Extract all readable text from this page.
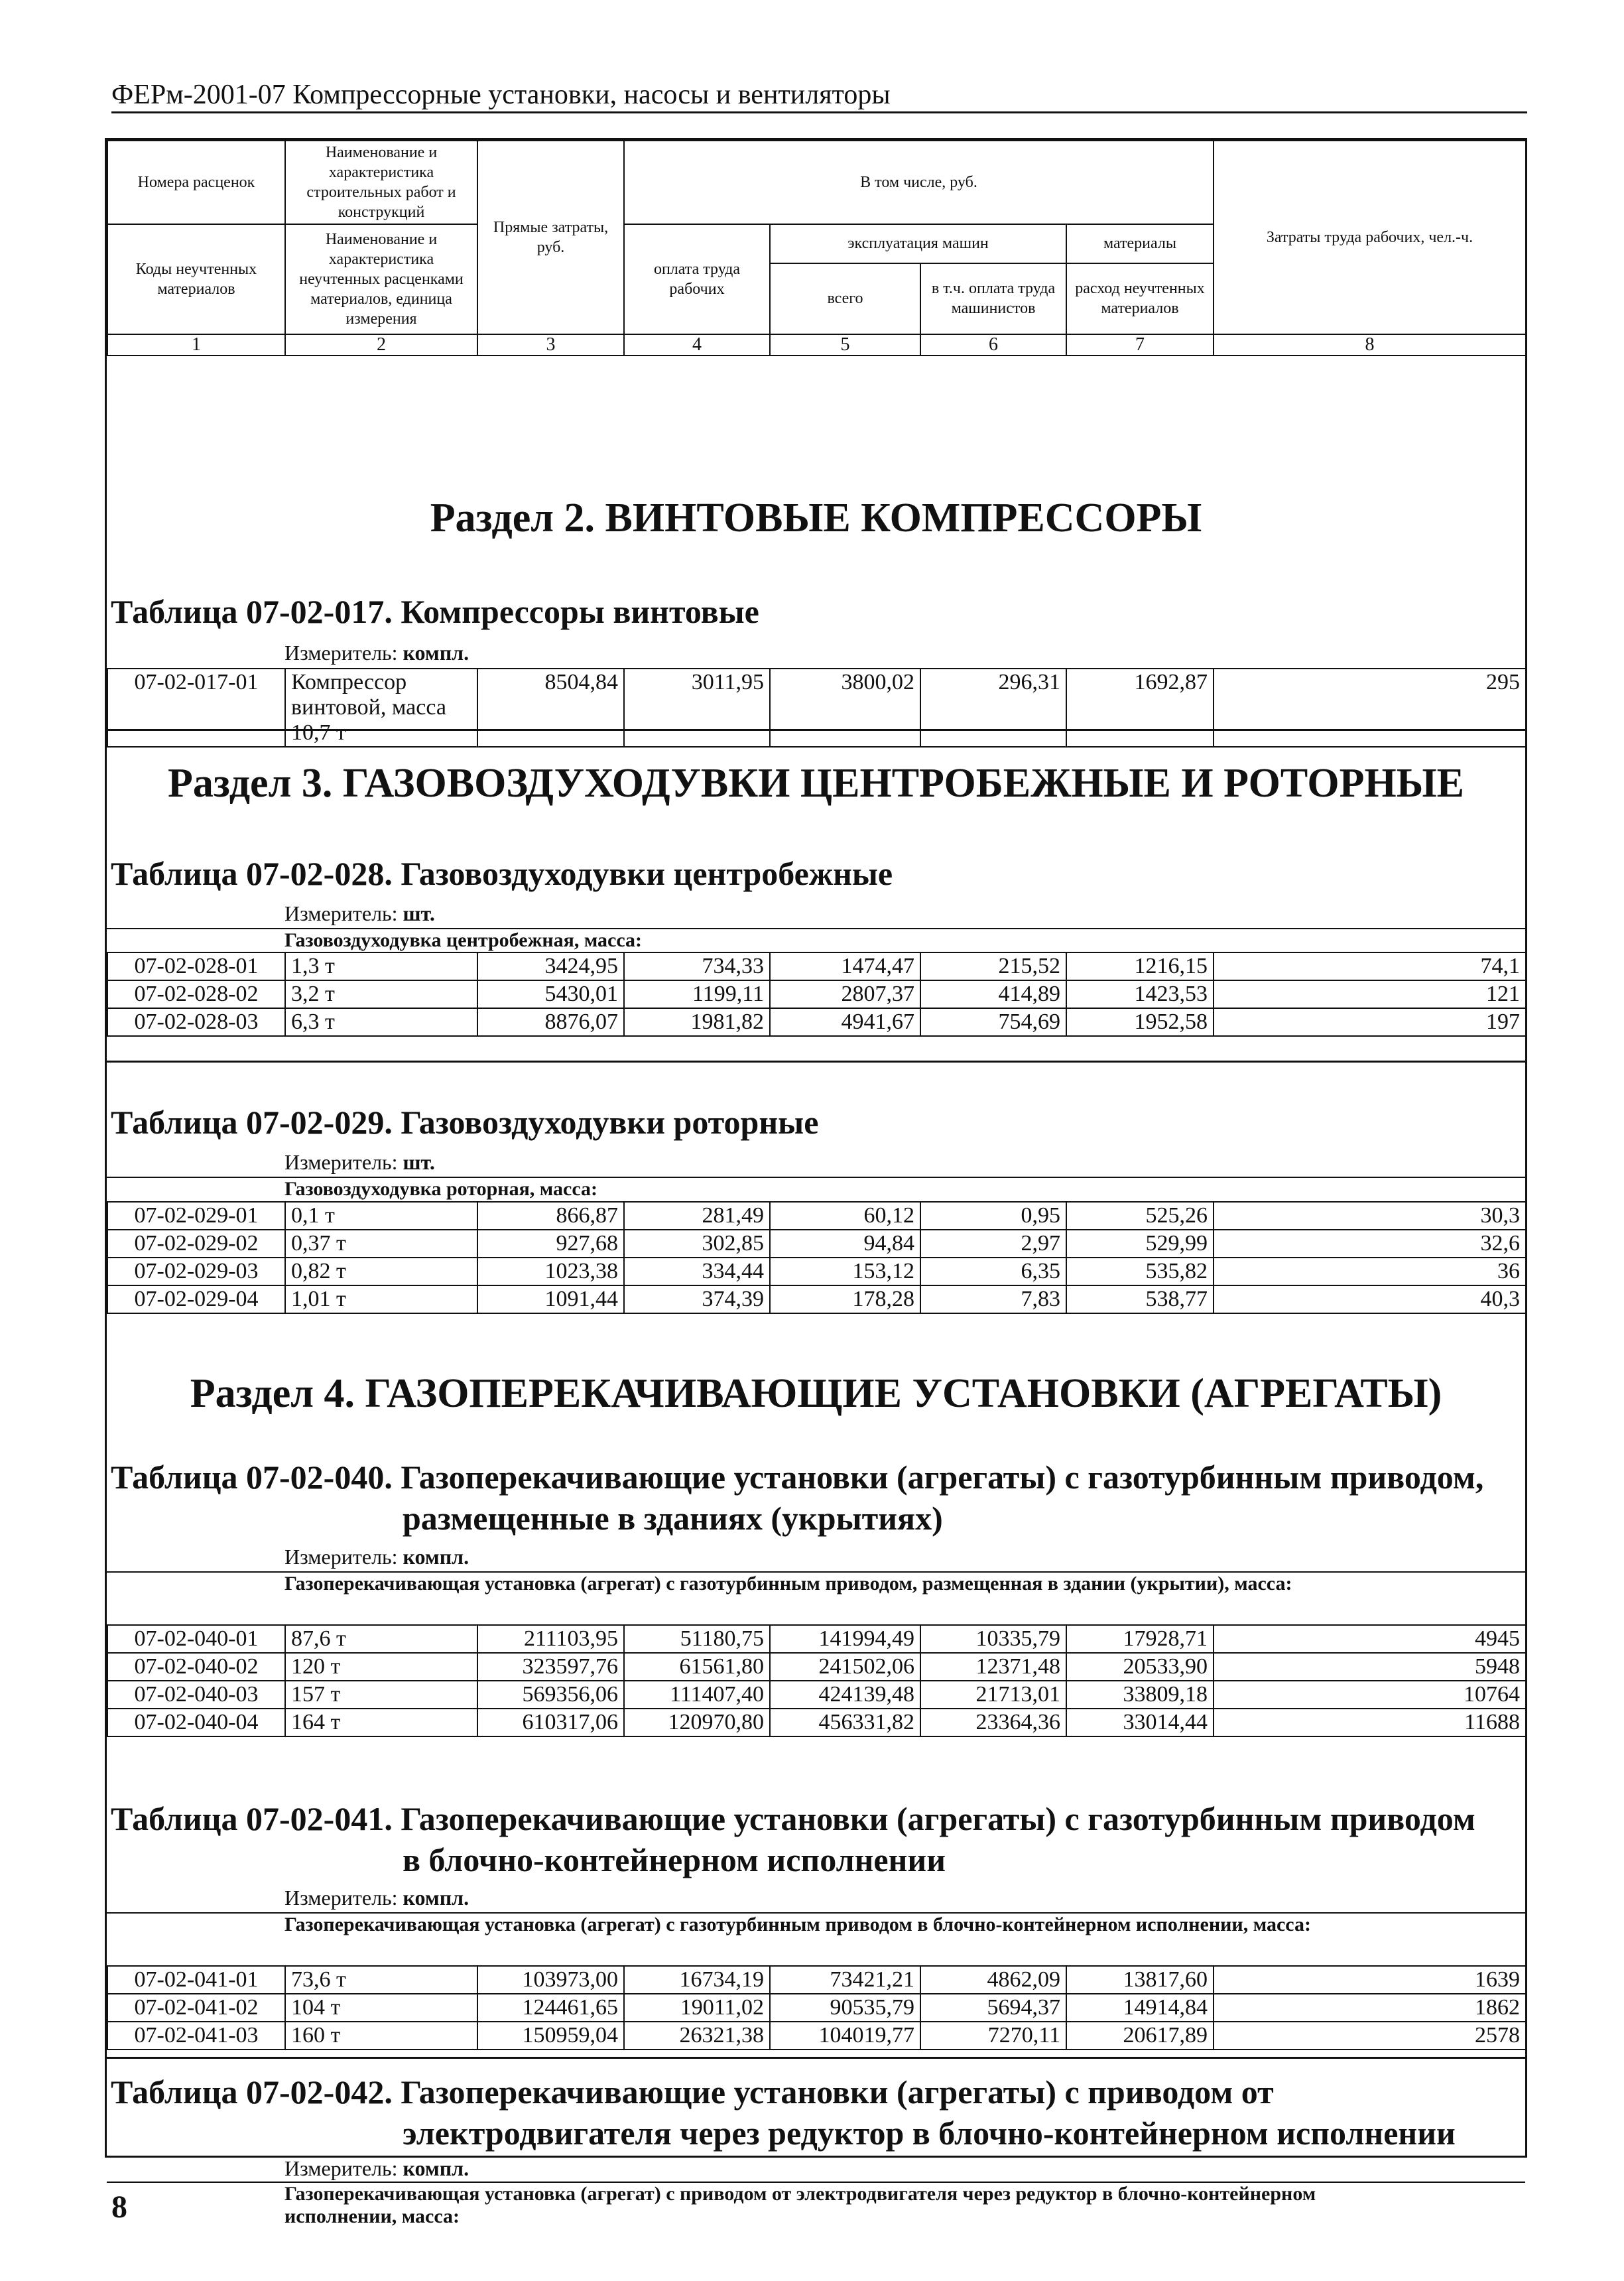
ФЕРм-2001-07 Компрессорные установки, насосы и вентиляторы
Номера расценок	Наименование и характеристика строительных работ и конструкций	Прямые затраты, руб.	В том числе, руб.				Затраты труда рабочих, чел.-ч.
Коды неучтенных материалов	Наименование и характеристика неучтенных расценками материалов, единица измерения		оплата труда рабочих	эксплуатация машин		материалы	
				всего	в т.ч. оплата труда машинистов	расход неучтенных материалов	
1	2	3	4	5	6	7	8
Раздел 2. ВИНТОВЫЕ КОМПРЕССОРЫ
Таблица 07-02-017. Компрессоры винтовые
Измеритель: компл.
07-02-017-01	Компрессор винтовой, масса 10,7 т	8504,84	3011,95	3800,02	296,31	1692,87	295
Раздел 3. ГАЗОВОЗДУХОДУВКИ ЦЕНТРОБЕЖНЫЕ И РОТОРНЫЕ
Таблица 07-02-028. Газовоздуходувки центробежные
Измеритель: шт.
Газовоздуходувка центробежная, масса:
07-02-028-01	1,3 т	3424,95	734,33	1474,47	215,52	1216,15	74,1
07-02-028-02	3,2 т	5430,01	1199,11	2807,37	414,89	1423,53	121
07-02-028-03	6,3 т	8876,07	1981,82	4941,67	754,69	1952,58	197
Таблица 07-02-029. Газовоздуходувки роторные
Измеритель: шт.
Газовоздуходувка роторная, масса:
07-02-029-01	0,1 т	866,87	281,49	60,12	0,95	525,26	30,3
07-02-029-02	0,37 т	927,68	302,85	94,84	2,97	529,99	32,6
07-02-029-03	0,82 т	1023,38	334,44	153,12	6,35	535,82	36
07-02-029-04	1,01 т	1091,44	374,39	178,28	7,83	538,77	40,3
Раздел 4. ГАЗОПЕРЕКАЧИВАЮЩИЕ УСТАНОВКИ (АГРЕГАТЫ)
Таблица 07-02-040. Газоперекачивающие установки (агрегаты) с газотурбинным приводом,
размещенные в зданиях (укрытиях)
Измеритель: компл.
Газоперекачивающая установка (агрегат) с газотурбинным приводом, размещенная в здании (укрытии), масса:
07-02-040-01	87,6 т	211103,95	51180,75	141994,49	10335,79	17928,71	4945
07-02-040-02	120 т	323597,76	61561,80	241502,06	12371,48	20533,90	5948
07-02-040-03	157 т	569356,06	111407,40	424139,48	21713,01	33809,18	10764
07-02-040-04	164 т	610317,06	120970,80	456331,82	23364,36	33014,44	11688
Таблица 07-02-041. Газоперекачивающие установки (агрегаты) с газотурбинным приводом
в блочно-контейнерном исполнении
Измеритель: компл.
Газоперекачивающая установка (агрегат) с газотурбинным приводом в блочно-контейнерном исполнении, масса:
07-02-041-01	73,6 т	103973,00	16734,19	73421,21	4862,09	13817,60	1639
07-02-041-02	104 т	124461,65	19011,02	90535,79	5694,37	14914,84	1862
07-02-041-03	160 т	150959,04	26321,38	104019,77	7270,11	20617,89	2578
Таблица 07-02-042. Газоперекачивающие установки (агрегаты) с приводом от
электродвигателя через редуктор в блочно-контейнерном исполнении
Измеритель: компл.
Газоперекачивающая установка (агрегат) с приводом от электродвигателя через редуктор в блочно-контейнерном исполнении, масса:
8
